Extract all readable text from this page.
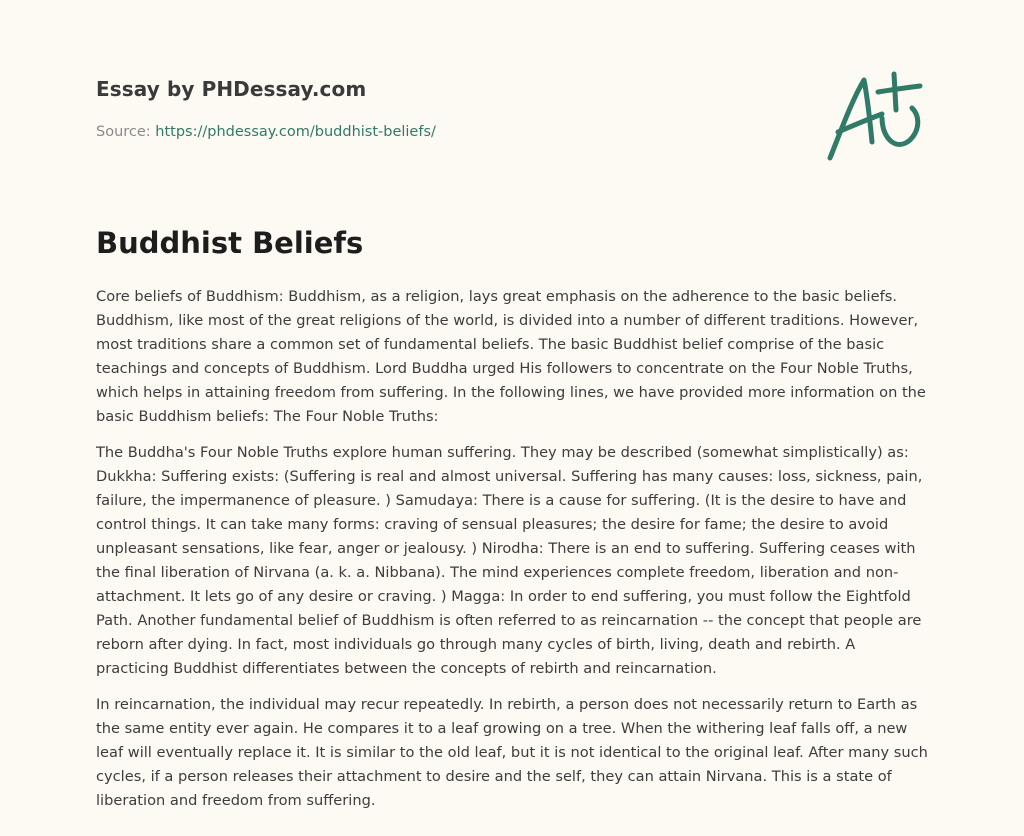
Essay by PHDessay.com
Source: https://phdessay.com/buddhist-beliefs/
Buddhist Beliefs

Core beliefs of Buddhism: Buddhism, as a religion, lays great emphasis on the adherence to the basic beliefs. Buddhism, like most of the great religions of the world, is divided into a number of different traditions. However, most traditions share a common set of fundamental beliefs. The basic Buddhist belief comprise of the basic teachings and concepts of Buddhism. Lord Buddha urged His followers to concentrate on the Four Noble Truths, which helps in attaining freedom from suffering. In the following lines, we have provided more information on the basic Buddhism beliefs: The Four Noble Truths:

The Buddha's Four Noble Truths explore human suffering. They may be described (somewhat simplistically) as: Dukkha: Suffering exists: (Suffering is real and almost universal. Suffering has many causes: loss, sickness, pain, failure, the impermanence of pleasure. ) Samudaya: There is a cause for suffering. (It is the desire to have and control things. It can take many forms: craving of sensual pleasures; the desire for fame; the desire to avoid unpleasant sensations, like fear, anger or jealousy. ) Nirodha: There is an end to suffering. Suffering ceases with the final liberation of Nirvana (a. k. a. Nibbana). The mind experiences complete freedom, liberation and non-attachment. It lets go of any desire or craving. ) Magga: In order to end suffering, you must follow the Eightfold Path. Another fundamental belief of Buddhism is often referred to as reincarnation -- the concept that people are reborn after dying. In fact, most individuals go through many cycles of birth, living, death and rebirth. A practicing Buddhist differentiates between the concepts of rebirth and reincarnation.

In reincarnation, the individual may recur repeatedly. In rebirth, a person does not necessarily return to Earth as the same entity ever again. He compares it to a leaf growing on a tree. When the withering leaf falls off, a new leaf will eventually replace it. It is similar to the old leaf, but it is not identical to the original leaf. After many such cycles, if a person releases their attachment to desire and the self, they can attain Nirvana. This is a state of liberation and freedom from suffering.
